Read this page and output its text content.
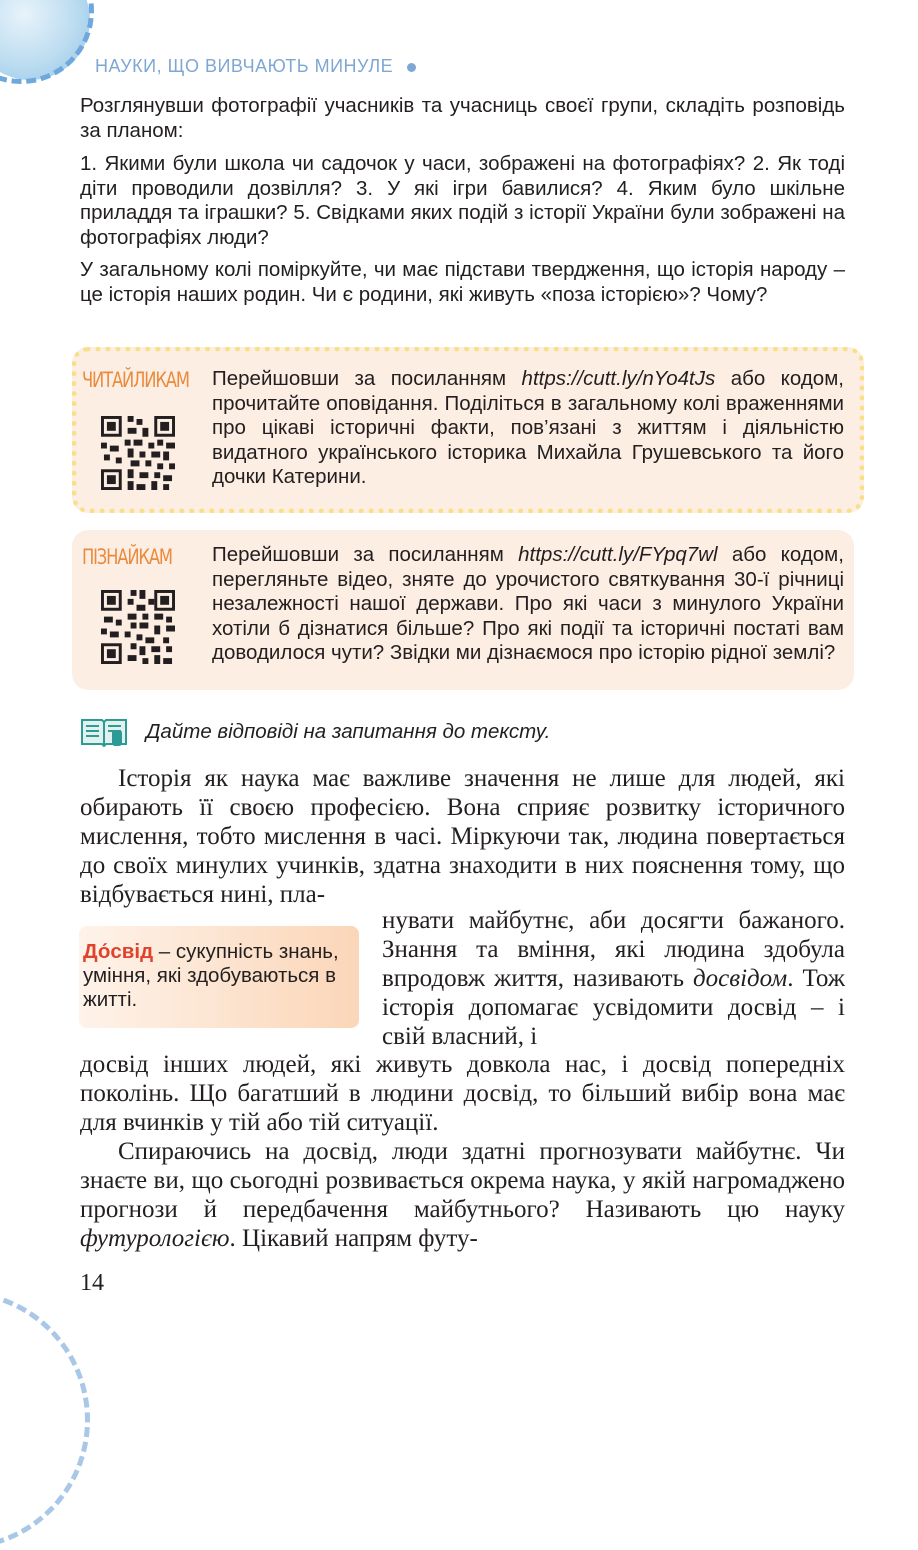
НАУКИ, ЩО ВИВЧАЮТЬ МИНУЛЕ

Розглянувши фотографії учасників та учасниць своєї групи, складіть розповідь за планом:

1. Якими були школа чи садочок у часи, зображені на фотографіях? 2. Як тоді діти проводили дозвілля? 3. У які ігри бавилися? 4. Яким було шкільне приладдя та іграшки? 5. Свідками яких подій з історії України були зображені на фотографіях люди?

У загальному колі поміркуйте, чи має підстави твердження, що історія народу – це історія наших родин. Чи є родини, які живуть «поза історією»? Чому?

ЧИТАЙЛИКАМ Перейшовши за посиланням https://cutt.ly/nYo4tJs або кодом, прочитайте оповідання. Поділіться в загальному колі враженнями про цікаві історичні факти, пов’язані з життям і діяльністю видатного українського історика Михайла Грушевського та його дочки Катерини.

ПІЗНАЙКАМ Перейшовши за посиланням https://cutt.ly/FYpq7wl або кодом, перегляньте відео, зняте до урочистого святкування 30-ї річниці незалежності нашої держави. Про які часи з минулого України хотіли б дізнатися більше? Про які події та історичні постаті вам доводилося чути? Звідки ми дізнаємося про історію рідної землі?

Дайте відповіді на запитання до тексту.

Історія як наука має важливе значення не лише для людей, які обирають її своєю професією. Вона сприяє розвитку історичного мислення, тобто мислення в часі. Міркуючи так, людина повертається до своїх минулих учинків, здатна знаходити в них пояснення тому, що відбувається нині, пла-

До́свід – сукупність знань, уміння, які здобуваються в житті.

нувати майбутнє, аби досягти бажаного. Знання та вміння, які людина здобула впродовж життя, називають досвідом. Тож історія допомагає усвідомити досвід – і свій власний, і

досвід інших людей, які живуть довкола нас, і досвід попередніх поколінь. Що багатший в людини досвід, то більший вибір вона має для вчинків у тій або тій ситуації.

Спираючись на досвід, люди здатні прогнозувати майбутнє. Чи знаєте ви, що сьогодні розвивається окрема наука, у якій нагромаджено прогнози й передбачення майбутнього? Називають цю науку футурологією. Цікавий напрям футу-

14
